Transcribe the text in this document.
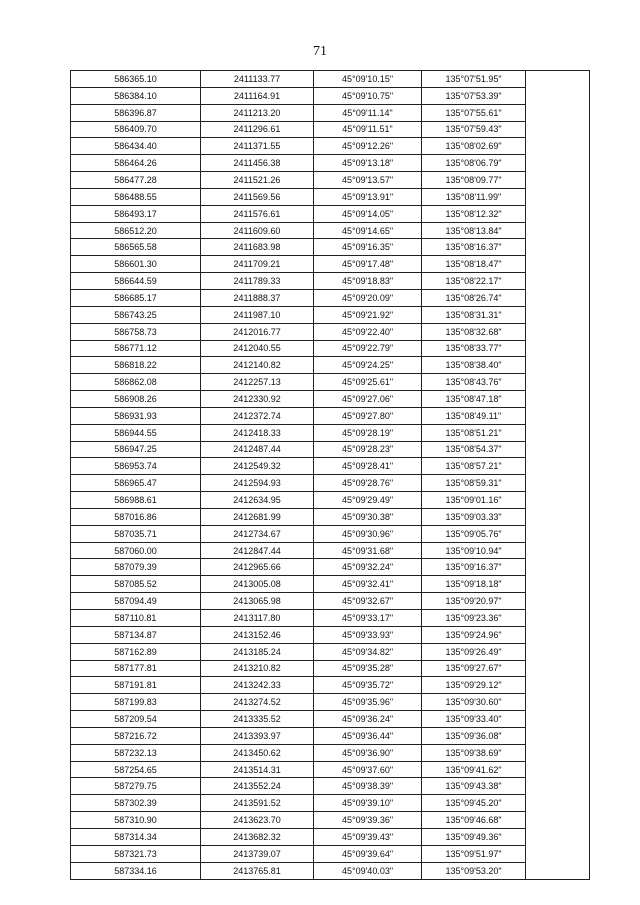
71
586365.10	2411133.77	45°09'10.15"	135°07'51.95"	
586384.10	2411164.91	45°09'10.75"	135°07'53.39"	
586396.87	2411213.20	45°09'11.14"	135°07'55.61"	
586409.70	2411296.61	45°09'11.51"	135°07'59.43"	
586434.40	2411371.55	45°09'12.26"	135°08'02.69"	
586464.26	2411456.38	45°09'13.18"	135°08'06.79"	
586477.28	2411521.26	45°09'13.57"	135°08'09.77"	
586488.55	2411569.56	45°09'13.91"	135°08'11.99"	
586493.17	2411576.61	45°09'14.05"	135°08'12.32"	
586512.20	2411609.60	45°09'14.65"	135°08'13.84"	
586565.58	2411683.98	45°09'16.35"	135°08'16.37"	
586601.30	2411709.21	45°09'17.48"	135°08'18.47"	
586644.59	2411789.33	45°09'18.83"	135°08'22.17"	
586685.17	2411888.37	45°09'20.09"	135°08'26.74"	
586743.25	2411987.10	45°09'21.92"	135°08'31.31"	
586758.73	2412016.77	45°09'22.40"	135°08'32.68"	
586771.12	2412040.55	45°09'22.79"	135°08'33.77"	
586818.22	2412140.82	45°09'24.25"	135°08'38.40"	
586862.08	2412257.13	45°09'25.61"	135°08'43.76"	
586908.26	2412330.92	45°09'27.06"	135°08'47.18"	
586931.93	2412372.74	45°09'27.80"	135°08'49.11"	
586944.55	2412418.33	45°09'28.19"	135°08'51.21"	
586947.25	2412487.44	45°09'28.23"	135°08'54.37"	
586953.74	2412549.32	45°09'28.41"	135°08'57.21"	
586965.47	2412594.93	45°09'28.76"	135°08'59.31"	
586988.61	2412634.95	45°09'29.49"	135°09'01.16"	
587016.86	2412681.99	45°09'30.38"	135°09'03.33"	
587035.71	2412734.67	45°09'30.96"	135°09'05.76"	
587060.00	2412847.44	45°09'31.68"	135°09'10.94"	
587079.39	2412965.66	45°09'32.24"	135°09'16.37"	
587085.52	2413005.08	45°09'32.41"	135°09'18.18"	
587094.49	2413065.98	45°09'32.67"	135°09'20.97"	
587110.81	2413117.80	45°09'33.17"	135°09'23.36"	
587134.87	2413152.46	45°09'33.93"	135°09'24.96"	
587162.89	2413185.24	45°09'34.82"	135°09'26.49"	
587177.81	2413210.82	45°09'35.28"	135°09'27.67"	
587191.81	2413242.33	45°09'35.72"	135°09'29.12"	
587199.83	2413274.52	45°09'35.96"	135°09'30.60"	
587209.54	2413335.52	45°09'36.24"	135°09'33.40"	
587216.72	2413393.97	45°09'36.44"	135°09'36.08"	
587232.13	2413450.62	45°09'36.90"	135°09'38.69"	
587254.65	2413514.31	45°09'37.60"	135°09'41.62"	
587279.75	2413552.24	45°09'38.39"	135°09'43.38"	
587302.39	2413591.52	45°09'39.10"	135°09'45.20"	
587310.90	2413623.70	45°09'39.36"	135°09'46.68"	
587314.34	2413682.32	45°09'39.43"	135°09'49.36"	
587321.73	2413739.07	45°09'39.64"	135°09'51.97"	
587334.16	2413765.81	45°09'40.03"	135°09'53.20"	
